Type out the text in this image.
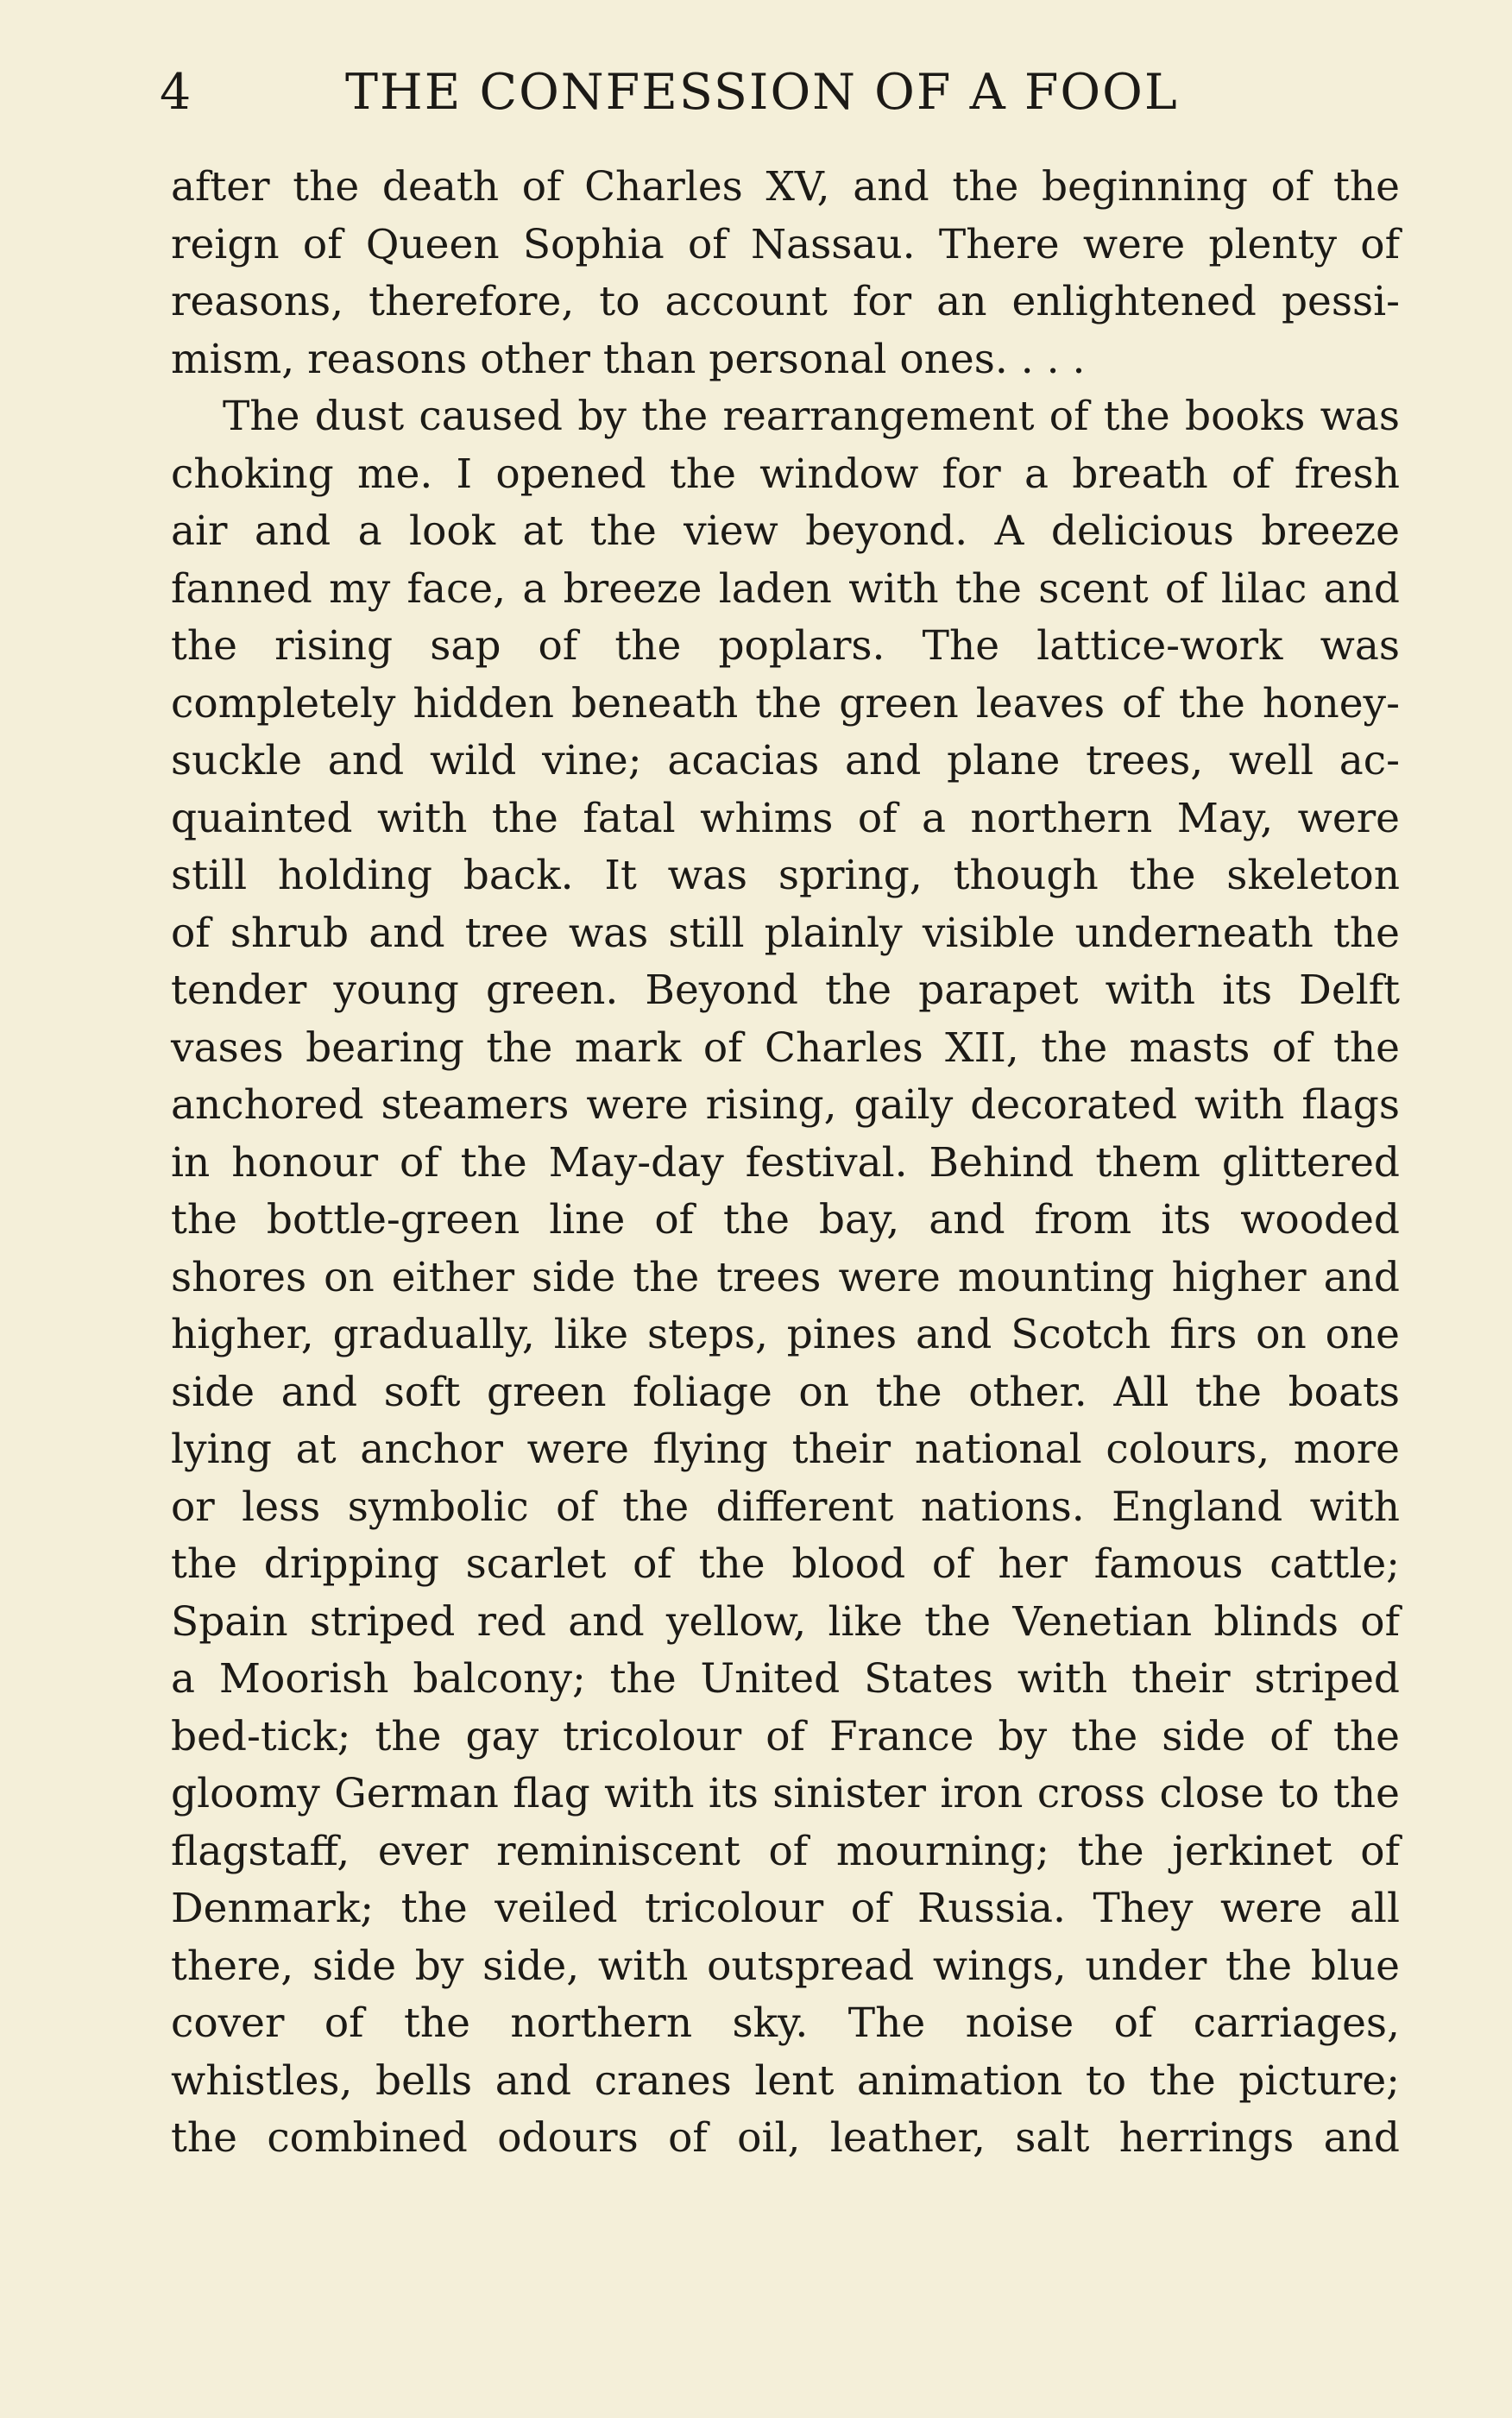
4	THE CONFESSION OF A FOOL
after the death of Charles XV, and the beginning of the
reign of Queen Sophia of Nassau. There were plenty of
reasons, therefore, to account for an enlightened pessi-
mism, reasons other than personal ones. . . .
The dust caused by the rearrangement of the books was
choking me. I opened the window for a breath of fresh
air and a look at the view beyond. A delicious breeze
fanned my face, a breeze laden with the scent of lilac and
the rising sap of the poplars. The lattice-work was
completely hidden beneath the green leaves of the honey-
suckle and wild vine; acacias and plane trees, well ac-
quainted with the fatal whims of a northern May, were
still holding back. It was spring, though the skeleton
of shrub and tree was still plainly visible underneath the
tender young green. Beyond the parapet with its Delft
vases bearing the mark of Charles XII, the masts of the
anchored steamers were rising, gaily decorated with flags
in honour of the May-day festival. Behind them glittered
the bottle-green line of the bay, and from its wooded
shores on either side the trees were mounting higher and
higher, gradually, like steps, pines and Scotch firs on one
side and soft green foliage on the other. All the boats
lying at anchor were flying their national colours, more
or less symbolic of the different nations. England with
the dripping scarlet of the blood of her famous cattle;
Spain striped red and yellow, like the Venetian blinds of
a Moorish balcony; the United States with their striped
bed-tick; the gay tricolour of France by the side of the
gloomy German flag with its sinister iron cross close to the
flagstaff, ever reminiscent of mourning; the jerkinet of
Denmark; the veiled tricolour of Russia. They were all
there, side by side, with outspread wings, under the blue
cover of the northern sky. The noise of carriages,
whistles, bells and cranes lent animation to the picture;
the combined odours of oil, leather, salt herrings and
